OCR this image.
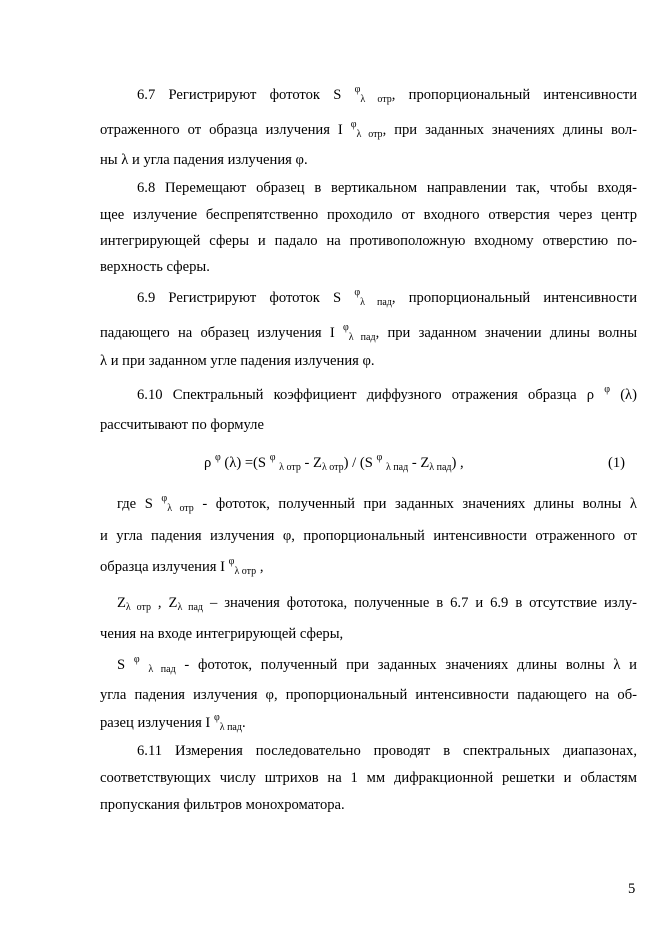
6.7 Регистрируют фототок S $^\varphi_{\lambda отр}$, пропорциональный интенсивности
отраженного от образца излучения I $^\varphi_{\lambda отр}$, при заданных значениях длины вол-
ны λ и угла падения излучения φ.
6.8 Перемещают образец в вертикальном направлении так, чтобы входя-
щее излучение беспрепятственно проходило от входного отверстия через центр
интегрирующей сферы и падало на противоположную входному отверстию по-
верхность сферы.
6.9 Регистрируют фототок S $^\varphi_{\lambda пад}$, пропорциональный интенсивности
падающего на образец излучения I $^\varphi_{\lambda пад}$, при заданном значении длины волны
λ и при заданном угле падения излучения φ.
6.10 Спектральный коэффициент диффузного отражения образца ρ $^\varphi$ (λ)
рассчитывают по формуле
ρ $^\varphi$ (λ) =(S $^\varphi$ $_{\lambda отр} - Z_{\lambda отр}) / (S$ $^\varphi$ $_{\lambda пад} - Z_{\lambda пад}$) ,	(1)
где S $^\varphi_{\lambda отр}$ - фототок, полученный при заданных значениях длины волны λ
и угла падения излучения φ, пропорциональный интенсивности отраженного от
образца излучения I $^\varphi_{\lambda отр}$ ,
$Z_{\lambda отр}$ , $Z_{\lambda пад}$ – значения фототока, полученные в 6.7 и 6.9 в отсутствие излу-
чения на входе интегрирующей сферы,
S $^\varphi$ $_{\lambda пад}$ - фототок, полученный при заданных значениях длины волны λ и
угла падения излучения φ, пропорциональный интенсивности падающего на об-
разец излучения I $^\varphi_{\lambda пад}$.
6.11 Измерения последовательно проводят в спектральных диапазонах,
соответствующих числу штрихов на 1 мм дифракционной решетки и областям
пропускания фильтров монохроматора.
5
